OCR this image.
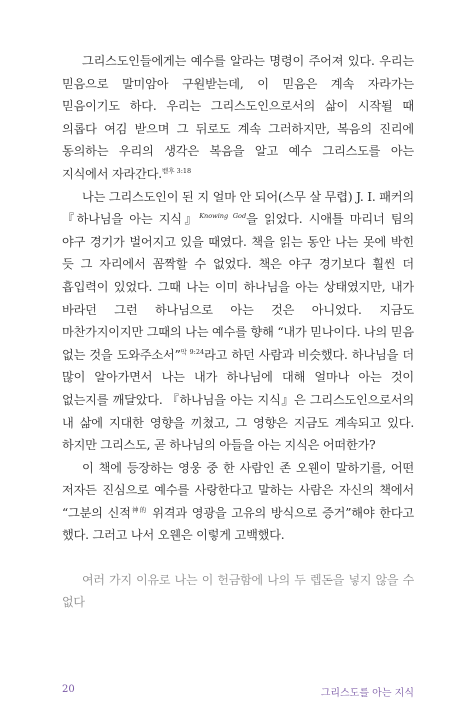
그리스도인들에게는 예수를 알라는 명령이 주어져 있다. 우리는 믿음으로 말미암아 구원받는데, 이 믿음은 계속 자라가는 믿음이기도 하다. 우리는 그리스도인으로서의 삶이 시작될 때 의롭다 여김 받으며 그 뒤로도 계속 그러하지만, 복음의 진리에 동의하는 우리의 생각은 복음을 알고 예수 그리스도를 아는 지식에서 자라간다.$^{벧후 3:18}$

나는 그리스도인이 된 지 얼마 안 되어(스무 살 무렵) J. I. 패커의 『하나님을 아는 지식』$^{Knowing God}$을 읽었다. 시애틀 마리너 팀의 야구 경기가 벌어지고 있을 때였다. 책을 읽는 동안 나는 못에 박힌 듯 그 자리에서 꼼짝할 수 없었다. 책은 야구 경기보다 훨씬 더 흡입력이 있었다. 그때 나는 이미 하나님을 아는 상태였지만, 내가 바라던 그런 하나님으로 아는 것은 아니었다. 지금도 마찬가지이지만 그때의 나는 예수를 향해 “내가 믿나이다. 나의 믿음 없는 것을 도와주소서”$^{막 9:24}$라고 하던 사람과 비슷했다. 하나님을 더 많이 알아가면서 나는 내가 하나님에 대해 얼마나 아는 것이 없는지를 깨달았다. 『하나님을 아는 지식』은 그리스도인으로서의 내 삶에 지대한 영향을 끼쳤고, 그 영향은 지금도 계속되고 있다. 하지만 그리스도, 곧 하나님의 아들을 아는 지식은 어떠한가?

이 책에 등장하는 영웅 중 한 사람인 존 오웬이 말하기를, 어떤 저자든 진심으로 예수를 사랑한다고 말하는 사람은 자신의 책에서 “그분의 신적$^{神的}$ 위격과 영광을 고유의 방식으로 증거”해야 한다고 했다. 그러고 나서 오웬은 이렇게 고백했다.

여러 가지 이유로 나는 이 헌금함에 나의 두 렙돈을 넣지 않을 수 없다

20	그리스도를 아는 지식
